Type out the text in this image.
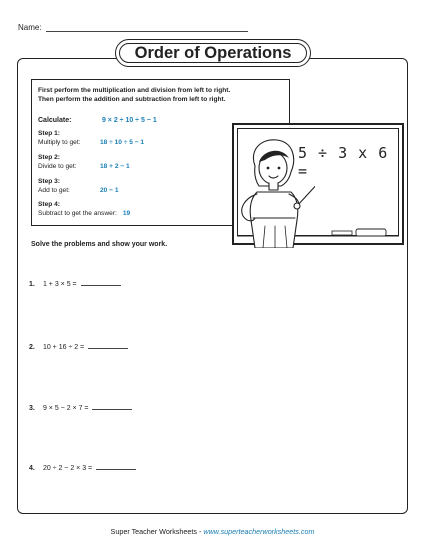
Name:
Order of Operations
First perform the multiplication and division from left to right.
Then perform the addition and subtraction from left to right.
Calculate:	9 × 2 ÷ 10 ÷ 5 − 1
Step 1:
Multiply to get:	18 ÷ 10 ÷ 5 − 1
Step 2:
Divide to get:	18 + 2 − 1
Step 3:
Add to get:	20 − 1
Step 4:
Subtract to get the answer: 19
5 ÷ 3 x 6 =
Solve the problems and show your work.
1. 1 + 3 × 5 =
2. 10 + 16 ÷ 2 =
3. 9 × 5 − 2 × 7 =
4. 20 ÷ 2 − 2 × 3 =
Super Teacher Worksheets - www.superteacherworksheets.com
